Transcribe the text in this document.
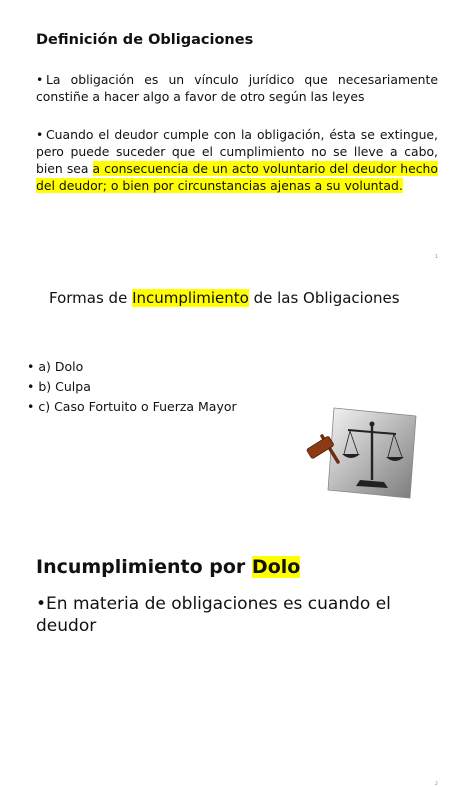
Definición de Obligaciones
• La obligación es un vínculo jurídico que necesariamente constiñe a hacer algo a favor de otro según las leyes
• Cuando el deudor cumple con la obligación, ésta se extingue, pero puede suceder que el cumplimiento no se lleve a cabo, bien sea a consecuencia de un acto voluntario del deudor hecho del deudor; o bien por circunstancias ajenas a su voluntad.
1
Formas de Incumplimiento de las Obligaciones
• a) Dolo
• b) Culpa
• c) Caso Fortuito o Fuerza Mayor
2
Incumplimiento por Dolo
•En materia de obligaciones es cuando el deudor
